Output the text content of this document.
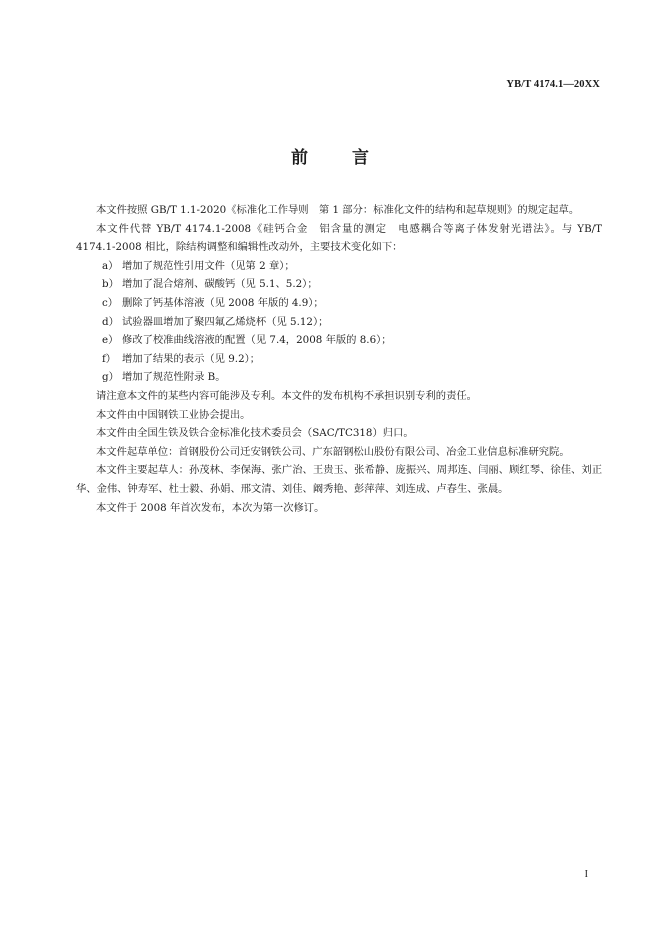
YB/T 4174.1—20XX
前 言

本文件按照 GB/T 1.1-2020《标准化工作导则　第 1 部分：标准化文件的结构和起草规则》的规定起草。

本文件代替 YB/T 4174.1-2008《硅钙合金　铝含量的测定　电感耦合等离子体发射光谱法》。与 YB/T 4174.1-2008 相比，除结构调整和编辑性改动外，主要技术变化如下：

a） 增加了规范性引用文件（见第 2 章）；

b） 增加了混合熔剂、碳酸钙（见 5.1、5.2）；

c） 删除了钙基体溶液（见 2008 年版的 4.9）；

d） 试验器皿增加了聚四氟乙烯烧杯（见 5.12）；

e） 修改了校准曲线溶液的配置（见 7.4，2008 年版的 8.6）；

f） 增加了结果的表示（见 9.2）；

g） 增加了规范性附录 B。

请注意本文件的某些内容可能涉及专利。本文件的发布机构不承担识别专利的责任。

本文件由中国钢铁工业协会提出。

本文件由全国生铁及铁合金标准化技术委员会（SAC/TC318）归口。

本文件起草单位：首钢股份公司迁安钢铁公司、广东韶钢松山股份有限公司、冶金工业信息标准研究院。

本文件主要起草人：孙茂林、李保海、张广治、王贵玉、张希静、庞振兴、周邦连、闫丽、顾红琴、徐佳、刘正华、金伟、钟寿军、杜士毅、孙娟、邢文清、刘佳、阚秀艳、彭萍萍、刘连成、卢春生、张晨。

本文件于 2008 年首次发布，本次为第一次修订。

I
